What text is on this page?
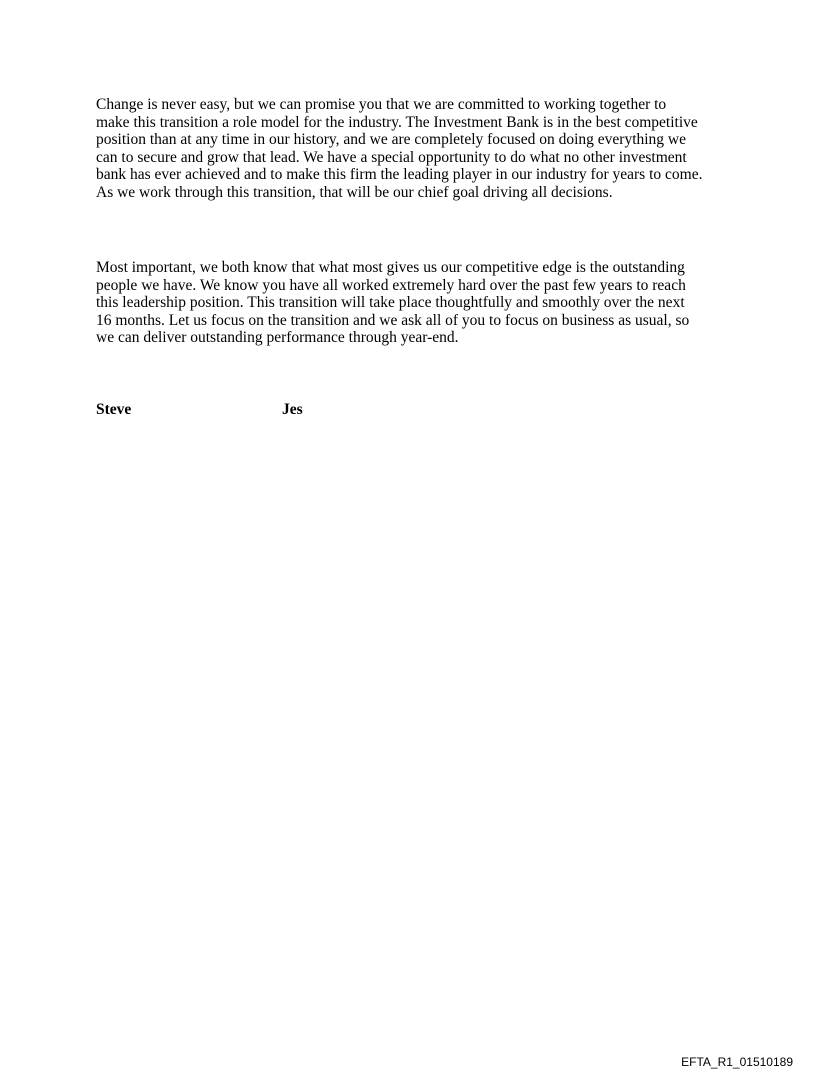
Change is never easy, but we can promise you that we are committed to working together to
make this transition a role model for the industry. The Investment Bank is in the best competitive
position than at any time in our history, and we are completely focused on doing everything we
can to secure and grow that lead. We have a special opportunity to do what no other investment
bank has ever achieved and to make this firm the leading player in our industry for years to come.
As we work through this transition, that will be our chief goal driving all decisions.

Most important, we both know that what most gives us our competitive edge is the outstanding
people we have. We know you have all worked extremely hard over the past few years to reach
this leadership position. This transition will take place thoughtfully and smoothly over the next
16 months. Let us focus on the transition and we ask all of you to focus on business as usual, so
we can deliver outstanding performance through year-end.

Steve	Jes
EFTA_R1_01510189
